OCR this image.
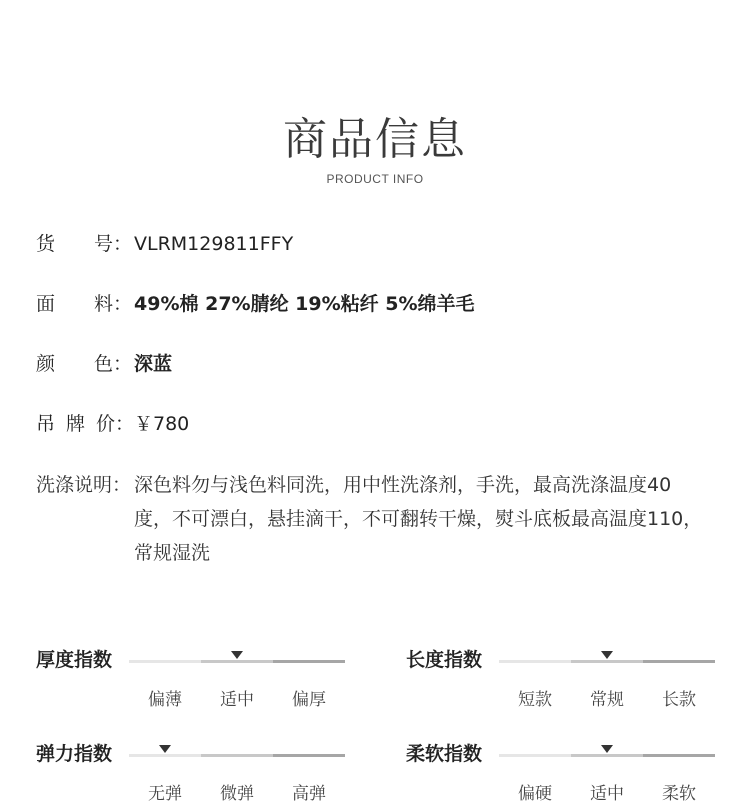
商品信息
PRODUCT INFO
货 号： VLRM129811FFY
面 料： 49%棉 27%腈纶 19%粘纤 5%绵羊毛
颜 色： 深蓝
吊 牌 价： ￥780
洗涤说明： 深色料勿与浅色料同洗，用中性洗涤剂，手洗，最高洗涤温度40度，不可漂白，悬挂滴干，不可翻转干燥，熨斗底板最高温度110，常规湿洗
厚度指数
偏薄	适中	偏厚
长度指数
短款	常规	长款
弹力指数
无弹	微弹	高弹
柔软指数
偏硬	适中	柔软
